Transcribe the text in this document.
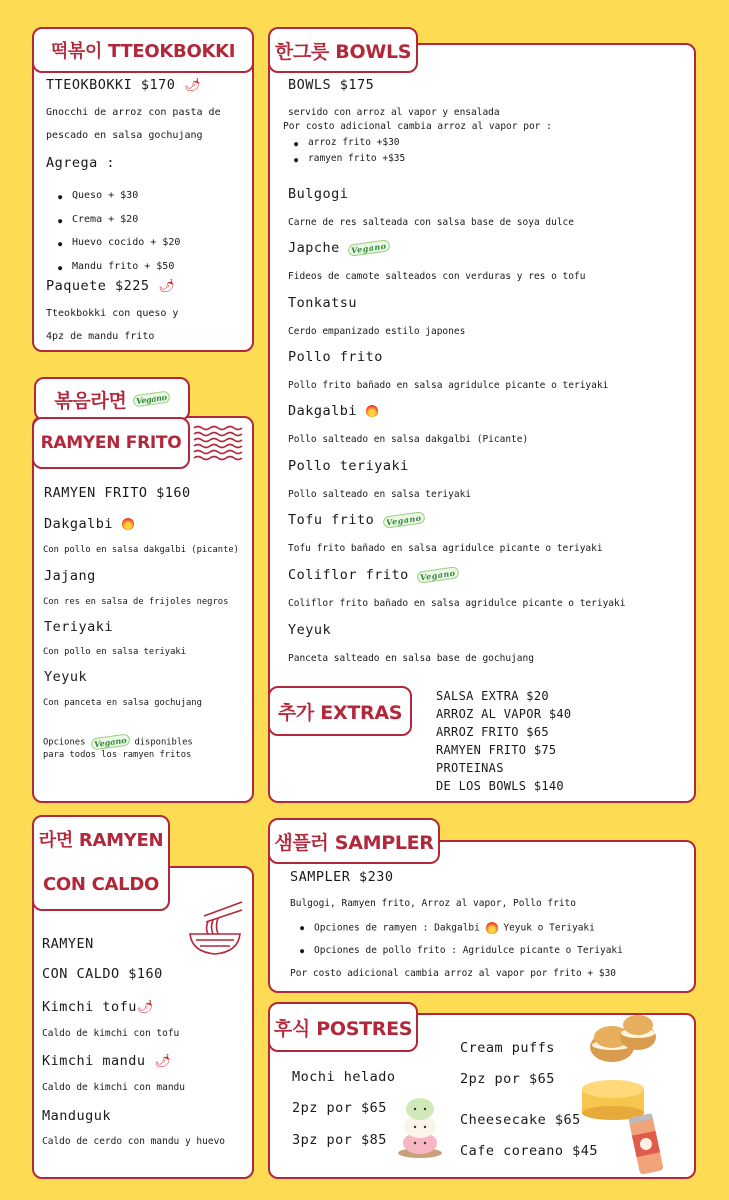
TTEOKBOKKI $170 🌶
Gnocchi de arroz con pasta de
pescado en salsa gochujang
Agrega :
● Queso + $30
● Crema + $20
● Huevo cocido + $20
● Mandu frito + $50
Paquete $225 🌶
Tteokbokki con queso y
4pz de mandu frito
떡볶이 TTEOKBOKKI
BOWLS $175
servido con arroz al vapor y ensalada
Por costo adicional cambia arroz al vapor por :
● arroz frito +$30
● ramyen frito +$35
Bulgogi
Carne de res salteada con salsa base de soya dulce
Japche Vegano
Fideos de camote salteados con verduras y res o tofu
Tonkatsu
Cerdo empanizado estilo japones
Pollo frito
Pollo frito bañado en salsa agridulce picante o teriyaki
Dakgalbi
Pollo salteado en salsa dakgalbi (Picante)
Pollo teriyaki
Pollo salteado en salsa teriyaki
Tofu frito Vegano
Tofu frito bañado en salsa agridulce picante o teriyaki
Coliflor frito Vegano
Coliflor frito bañado en salsa agridulce picante o teriyaki
Yeyuk
Panceta salteado en salsa base de gochujang
SALSA EXTRA $20
ARROZ AL VAPOR $40
ARROZ FRITO $65
RAMYEN FRITO $75
PROTEINAS
DE LOS BOWLS $140
한그릇 BOWLS
추가 EXTRAS
RAMYEN FRITO $160
Dakgalbi
Con pollo en salsa dakgalbi (picante)
Jajang
Con res en salsa de frijoles negros
Teriyaki
Con pollo en salsa teriyaki
Yeyuk
Con panceta en salsa gochujang
Opciones Vegano disponibles
para todos los ramyen fritos
볶음라면
	Vegano
RAMYEN FRITO
RAMYEN
CON CALDO $160
Kimchi tofu🌶
Caldo de kimchi con tofu
Kimchi mandu 🌶
Caldo de kimchi con mandu
Manduguk
Caldo de cerdo con mandu y huevo
라면 RAMYEN
CON CALDO	SAMPLER $230
Bulgogi, Ramyen frito, Arroz al vapor, Pollo frito
● Opciones de ramyen : Dakgalbi Yeyuk o Teriyaki
● Opciones de pollo frito : Agridulce picante o Teriyaki
Por costo adicional cambia arroz al vapor por frito + $30
샘플러 SAMPLER
Mochi helado
2pz por $65
3pz por $85
Cream puffs
2pz por $65
Cheesecake $65
Cafe coreano $45
후식 POSTRES
